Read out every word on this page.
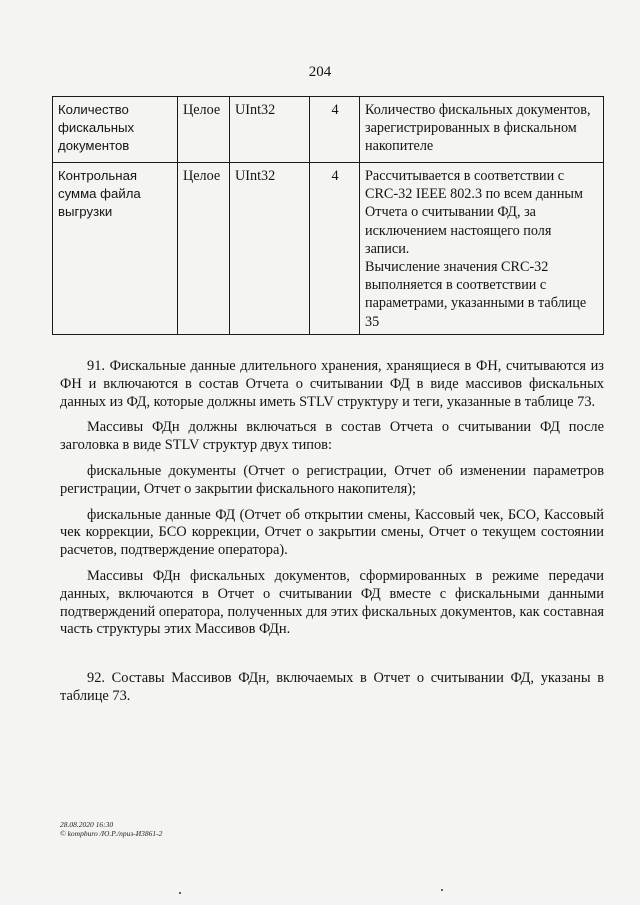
204
Количество фискальных документов	Целое	UInt32	4	Количество фискальных документов, зарегистрированных в фискальном накопителе
Контрольная сумма файла выгрузки	Целое	UInt32	4	Рассчитывается в соответствии с CRC-32 IEEE 802.3 по всем данным Отчета о считывании ФД, за исключением настоящего поля записи.
Вычисление значения CRC-32 выполняется в соответствии с параметрами, указанными в таблице 35

91. Фискальные данные длительного хранения, хранящиеся в ФН, считываются из ФН и включаются в состав Отчета о считывании ФД в виде массивов фискальных данных из ФД, которые должны иметь STLV структуру и теги, указанные в таблице 73.

Массивы ФДн должны включаться в состав Отчета о считывании ФД после заголовка в виде STLV структур двух типов:

фискальные документы (Отчет о регистрации, Отчет об изменении параметров регистрации, Отчет о закрытии фискального накопителя);

фискальные данные ФД (Отчет об открытии смены, Кассовый чек, БСО, Кассовый чек коррекции, БСО коррекции, Отчет о закрытии смены, Отчет о текущем состоянии расчетов, подтверждение оператора).

Массивы ФДн фискальных документов, сформированных в режиме передачи данных, включаются в Отчет о считывании ФД вместе с фискальными данными подтверждений оператора, полученных для этих фискальных документов, как составная часть структуры этих Массивов ФДн.

92. Составы Массивов ФДн, включаемых в Отчет о считывании ФД, указаны в таблице 73.

28.08.2020 16:30
© kompburo /Ю.Р./приз-И3861-2
